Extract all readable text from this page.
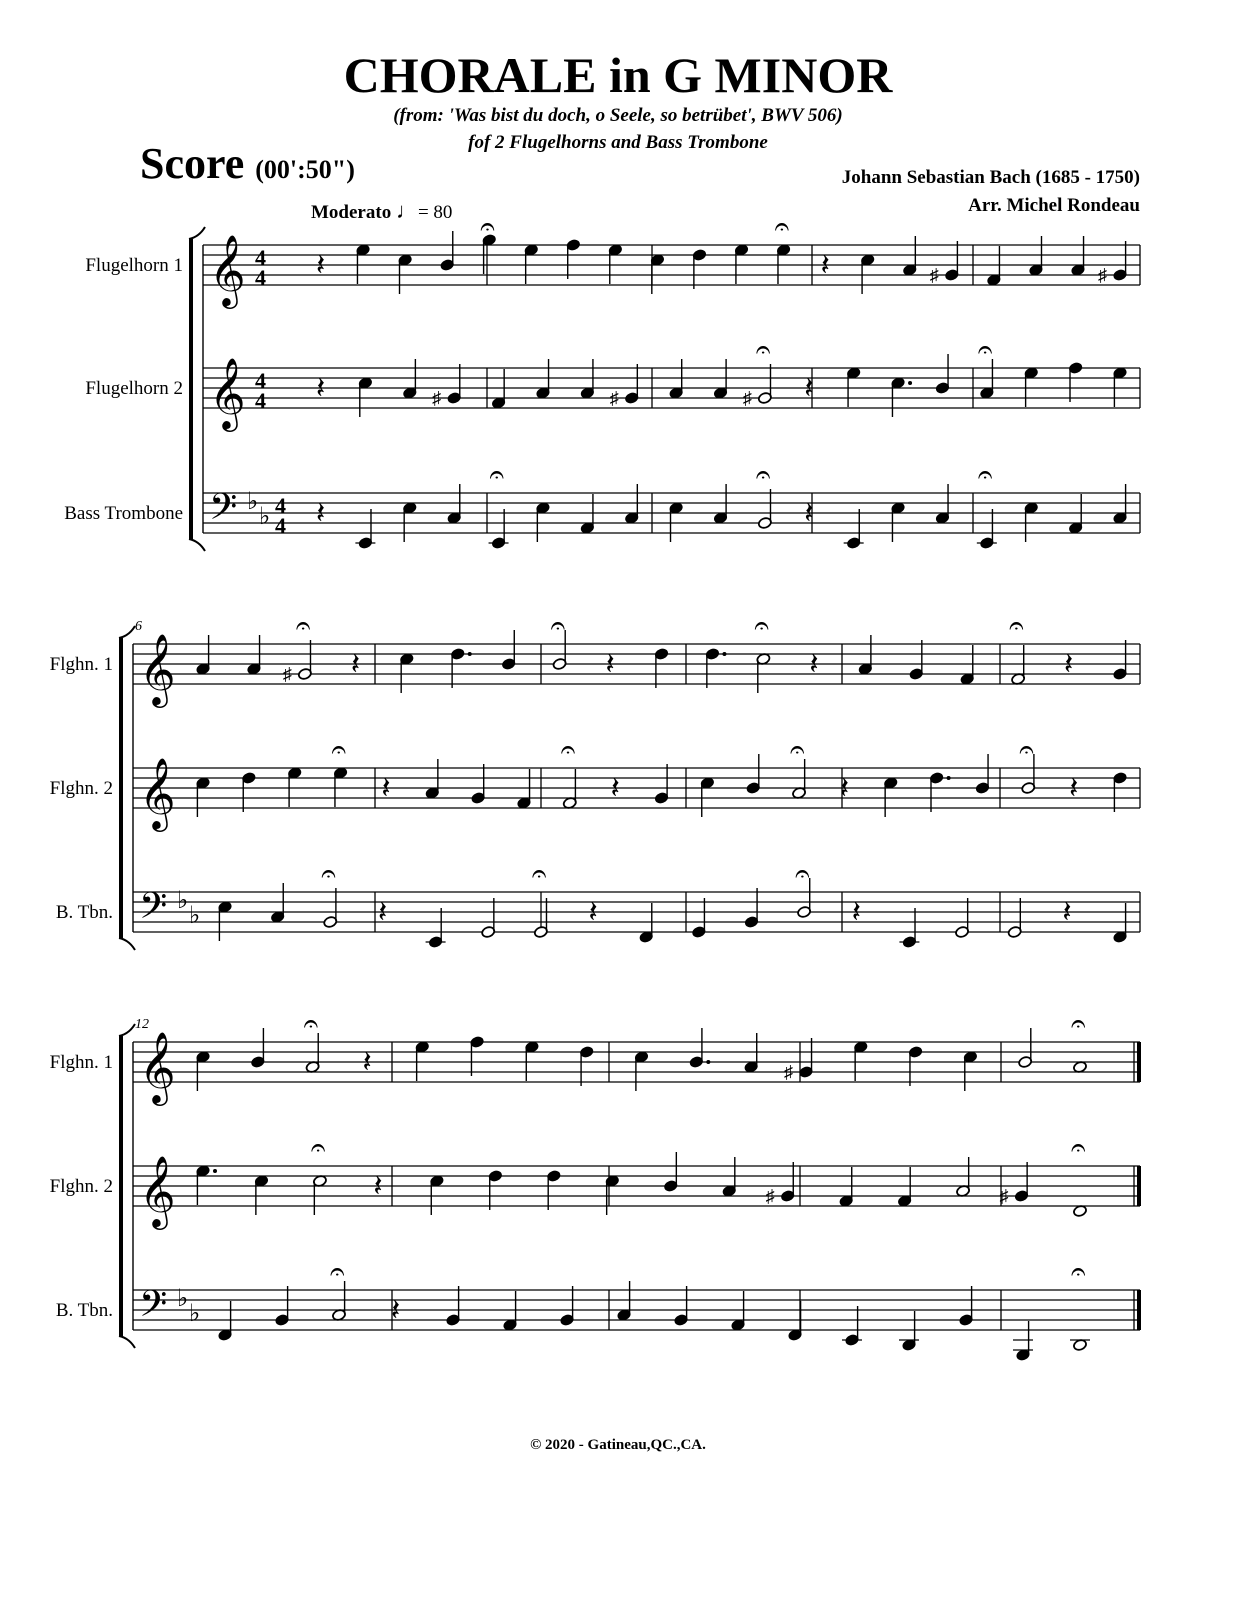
CHORALE in G MINOR
(from: 'Was bist du doch, o Seele, so betrübet', BWV 506)
fof 2 Flugelhorns and Bass Trombone
Score (00':50")	Johann Sebastian Bach (1685 - 1750)
Arr. Michel Rondeau
Moderato ♩= 80
Flugelhorn 1 𝄞 4
4 𝄽
𝄐	𝄐
𝄽	♯	♯
Flugelhorn 2 𝄞 4
4 𝄽	♯	♯
𝄐
♯ 𝄽
𝄐
Bass Trombone 𝄢 ♭
♭ 4
4 𝄽
𝄐	𝄐
𝄽
𝄐
Flghn. 1 𝄞
𝄐
♯ 𝄽
𝄐
𝄽
𝄐
𝄽
𝄐
𝄽
Flghn. 2 𝄞
𝄐
𝄽
𝄐
𝄽
𝄐
𝄽
𝄐
𝄽
B. Tbn. 𝄢 ♭
♭
𝄐
𝄽
𝄐
𝄽
𝄐
𝄽	𝄽
6
Flghn. 1 𝄞
𝄐
𝄽	♯
𝄐
Flghn. 2 𝄞
𝄐
𝄽	♯	♯
𝄐
B. Tbn. 𝄢 ♭
♭
𝄐
𝄽
𝄐
12
© 2020 - Gatineau,QC.,CA.
